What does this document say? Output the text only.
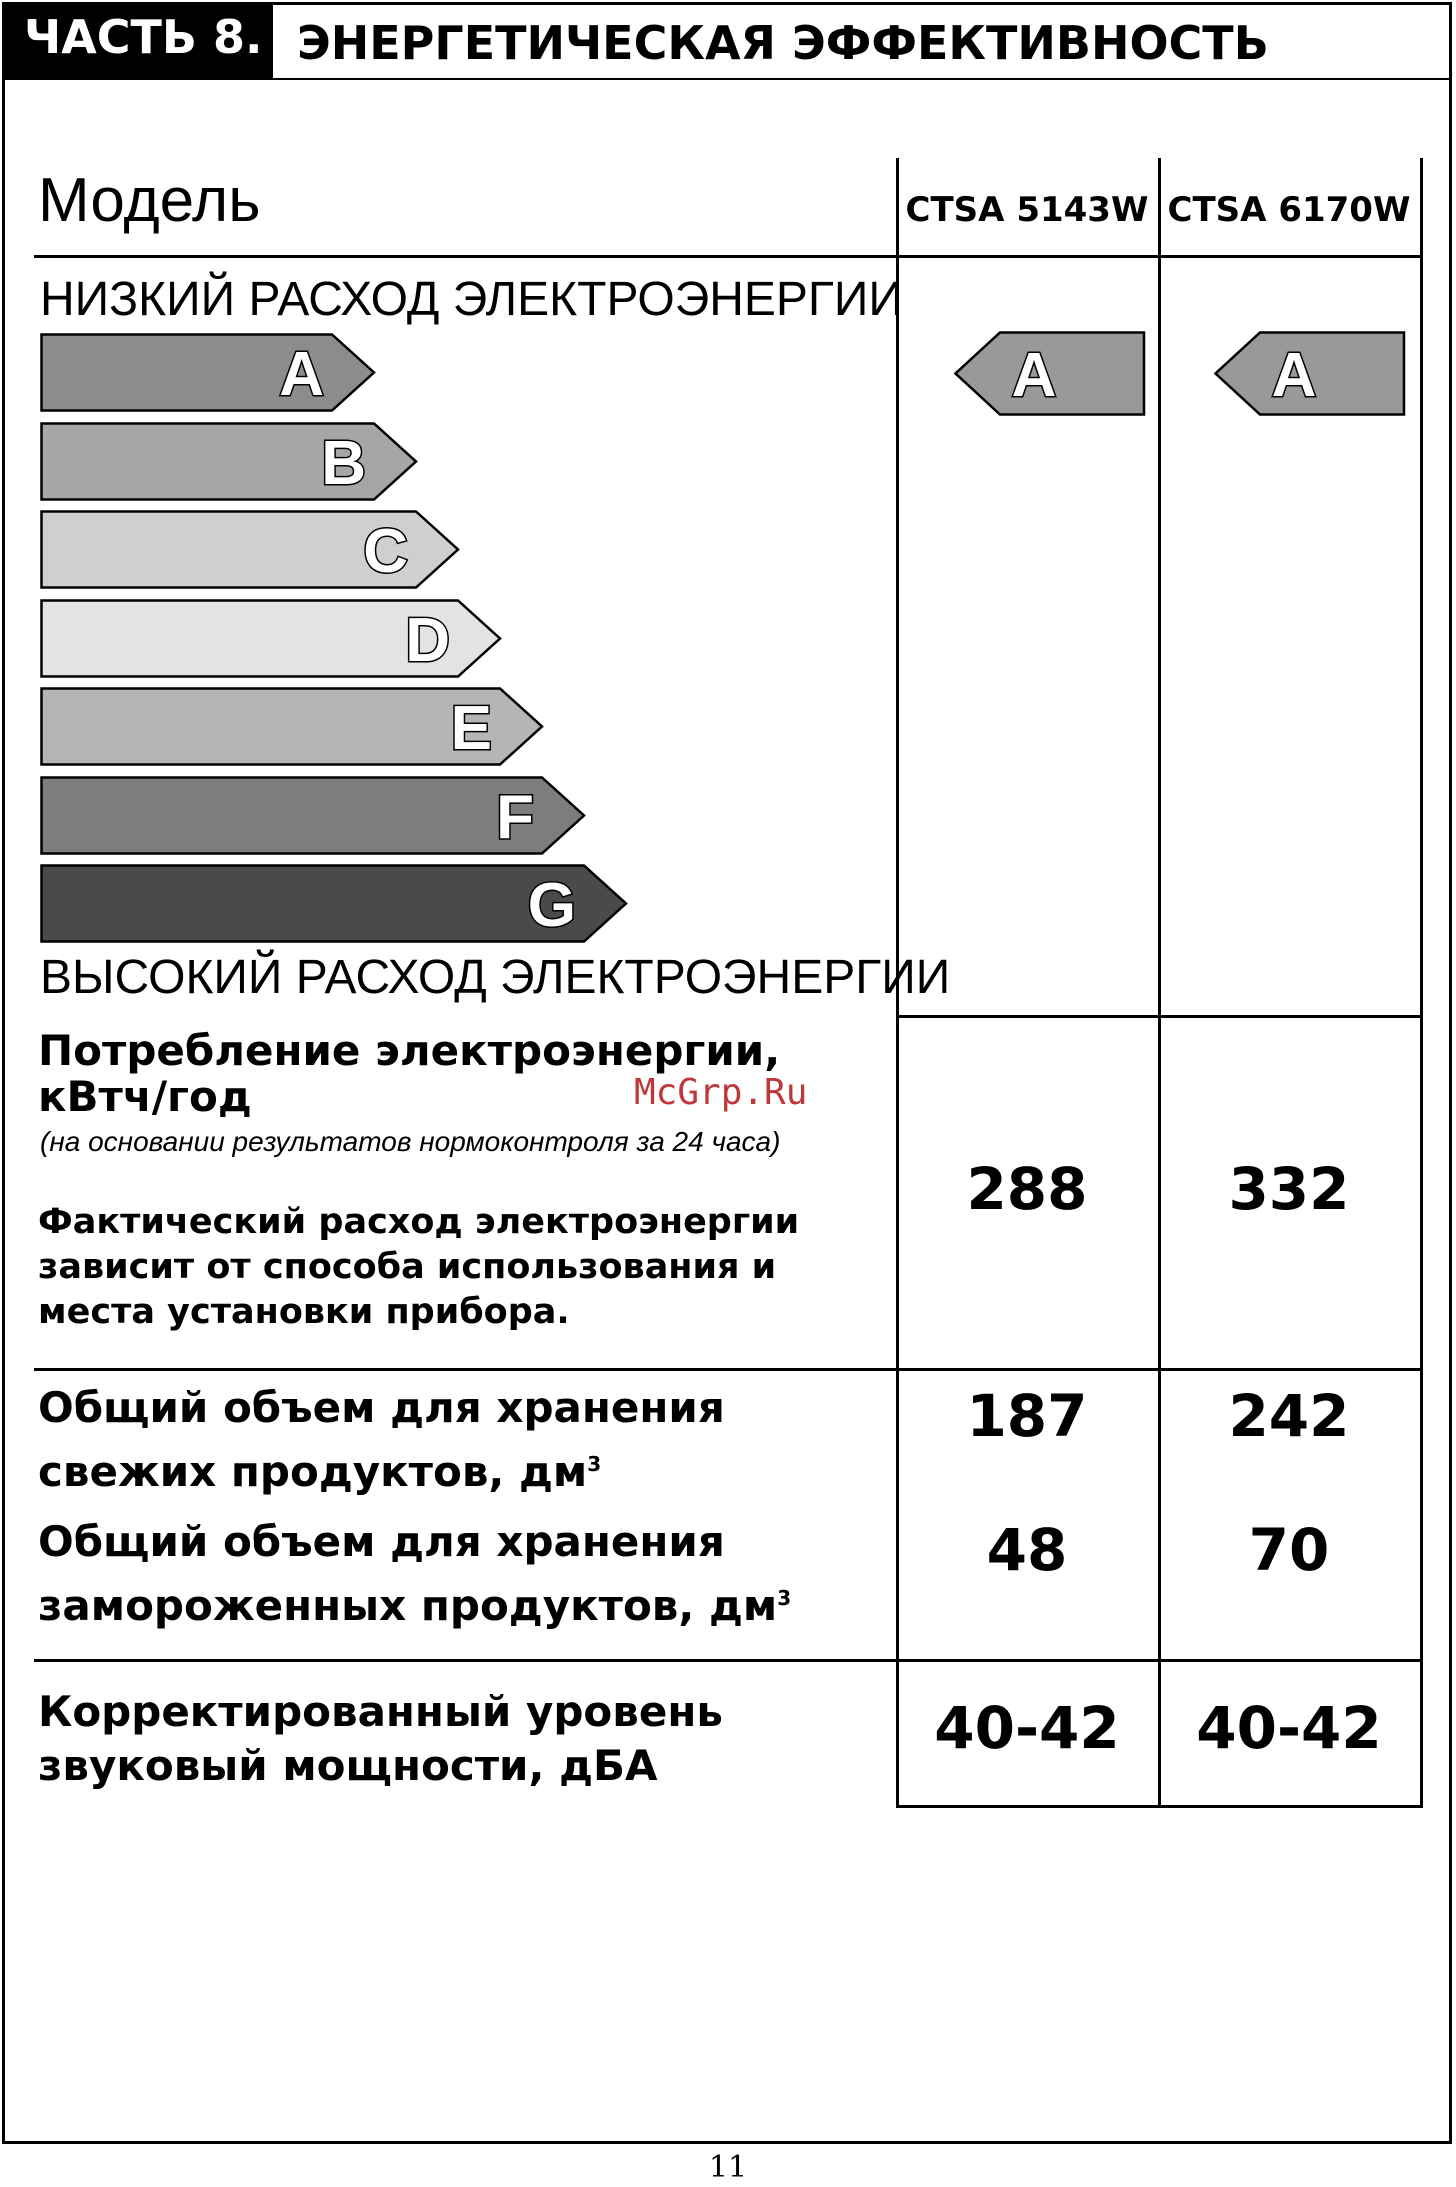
ЧАСТЬ 8. ЭНЕРГЕТИЧЕСКАЯ ЭФФЕКТИВНОСТЬ
Модель	CTSA 5143W CTSA 6170W
НИЗКИЙ РАСХОД ЭЛЕКТРОЭНЕРГИИ
ВЫСОКИЙ РАСХОД ЭЛЕКТРОЭНЕРГИИ
A
B
C
D
E
F
G
A	A
Потребление электроэнергии,
кВтч/год	McGrp.Ru
(на основании результатов нормоконтроля за 24 часа)
Фактический расход электроэнергии
зависит от способа использования и
места установки прибора.
288	332
Общий объем для хранения
свежих продуктов, $дм^3$
187	242
Общий объем для хранения
замороженных продуктов, $дм^3$
48	70
Корректированный уровень
звуковый мощности, дБА
40-42	40-42
11
